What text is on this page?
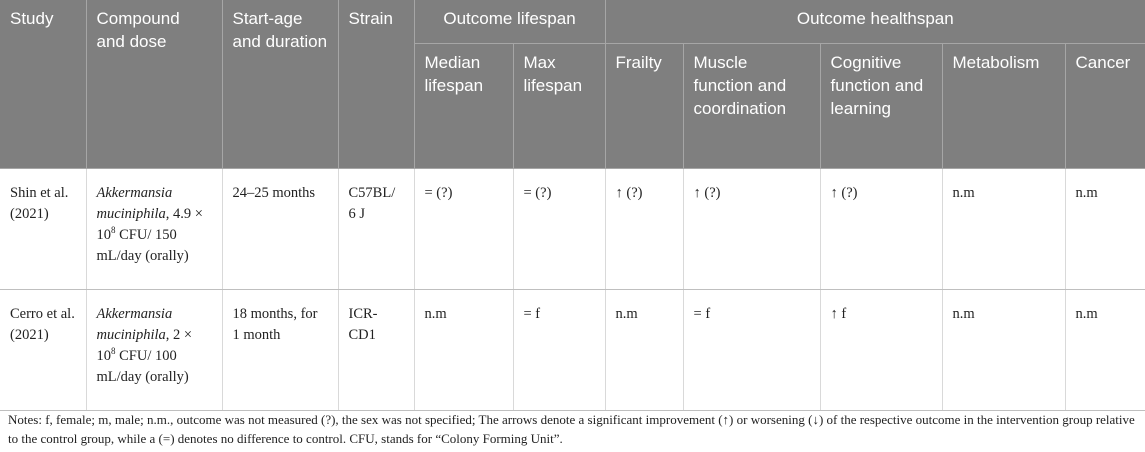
Study	Compound and dose	Start-age and duration	Strain	Outcome lifespan		Outcome healthspan				
				Median lifespan	Max lifespan	Frailty	Muscle function and coordination	Cognitive function and learning	Metabolism	Cancer
Shin et al. (2021)	Akkermansia muciniphila, $4.9 \times 10^8$ CFU/ 150 mL/day (orally)	24–25 months	C57BL/ 6 J	= (?)	= (?)	↑ (?)	↑ (?)	↑ (?)	n.m	n.m
Cerro et al. (2021)	Akkermansia muciniphila, $2 \times 10^8$ CFU/ 100 mL/day (orally)	18 months, for 1 month	ICR-CD1	n.m	= f	n.m	= f	↑ f	n.m	n.m

Notes: f, female; m, male; n.m., outcome was not measured (?), the sex was not specified; The arrows denote a significant improvement (↑) or worsening (↓) of the respective outcome in the intervention group relative to the control group, while a (=) denotes no difference to control. CFU, stands for “Colony Forming Unit”.
